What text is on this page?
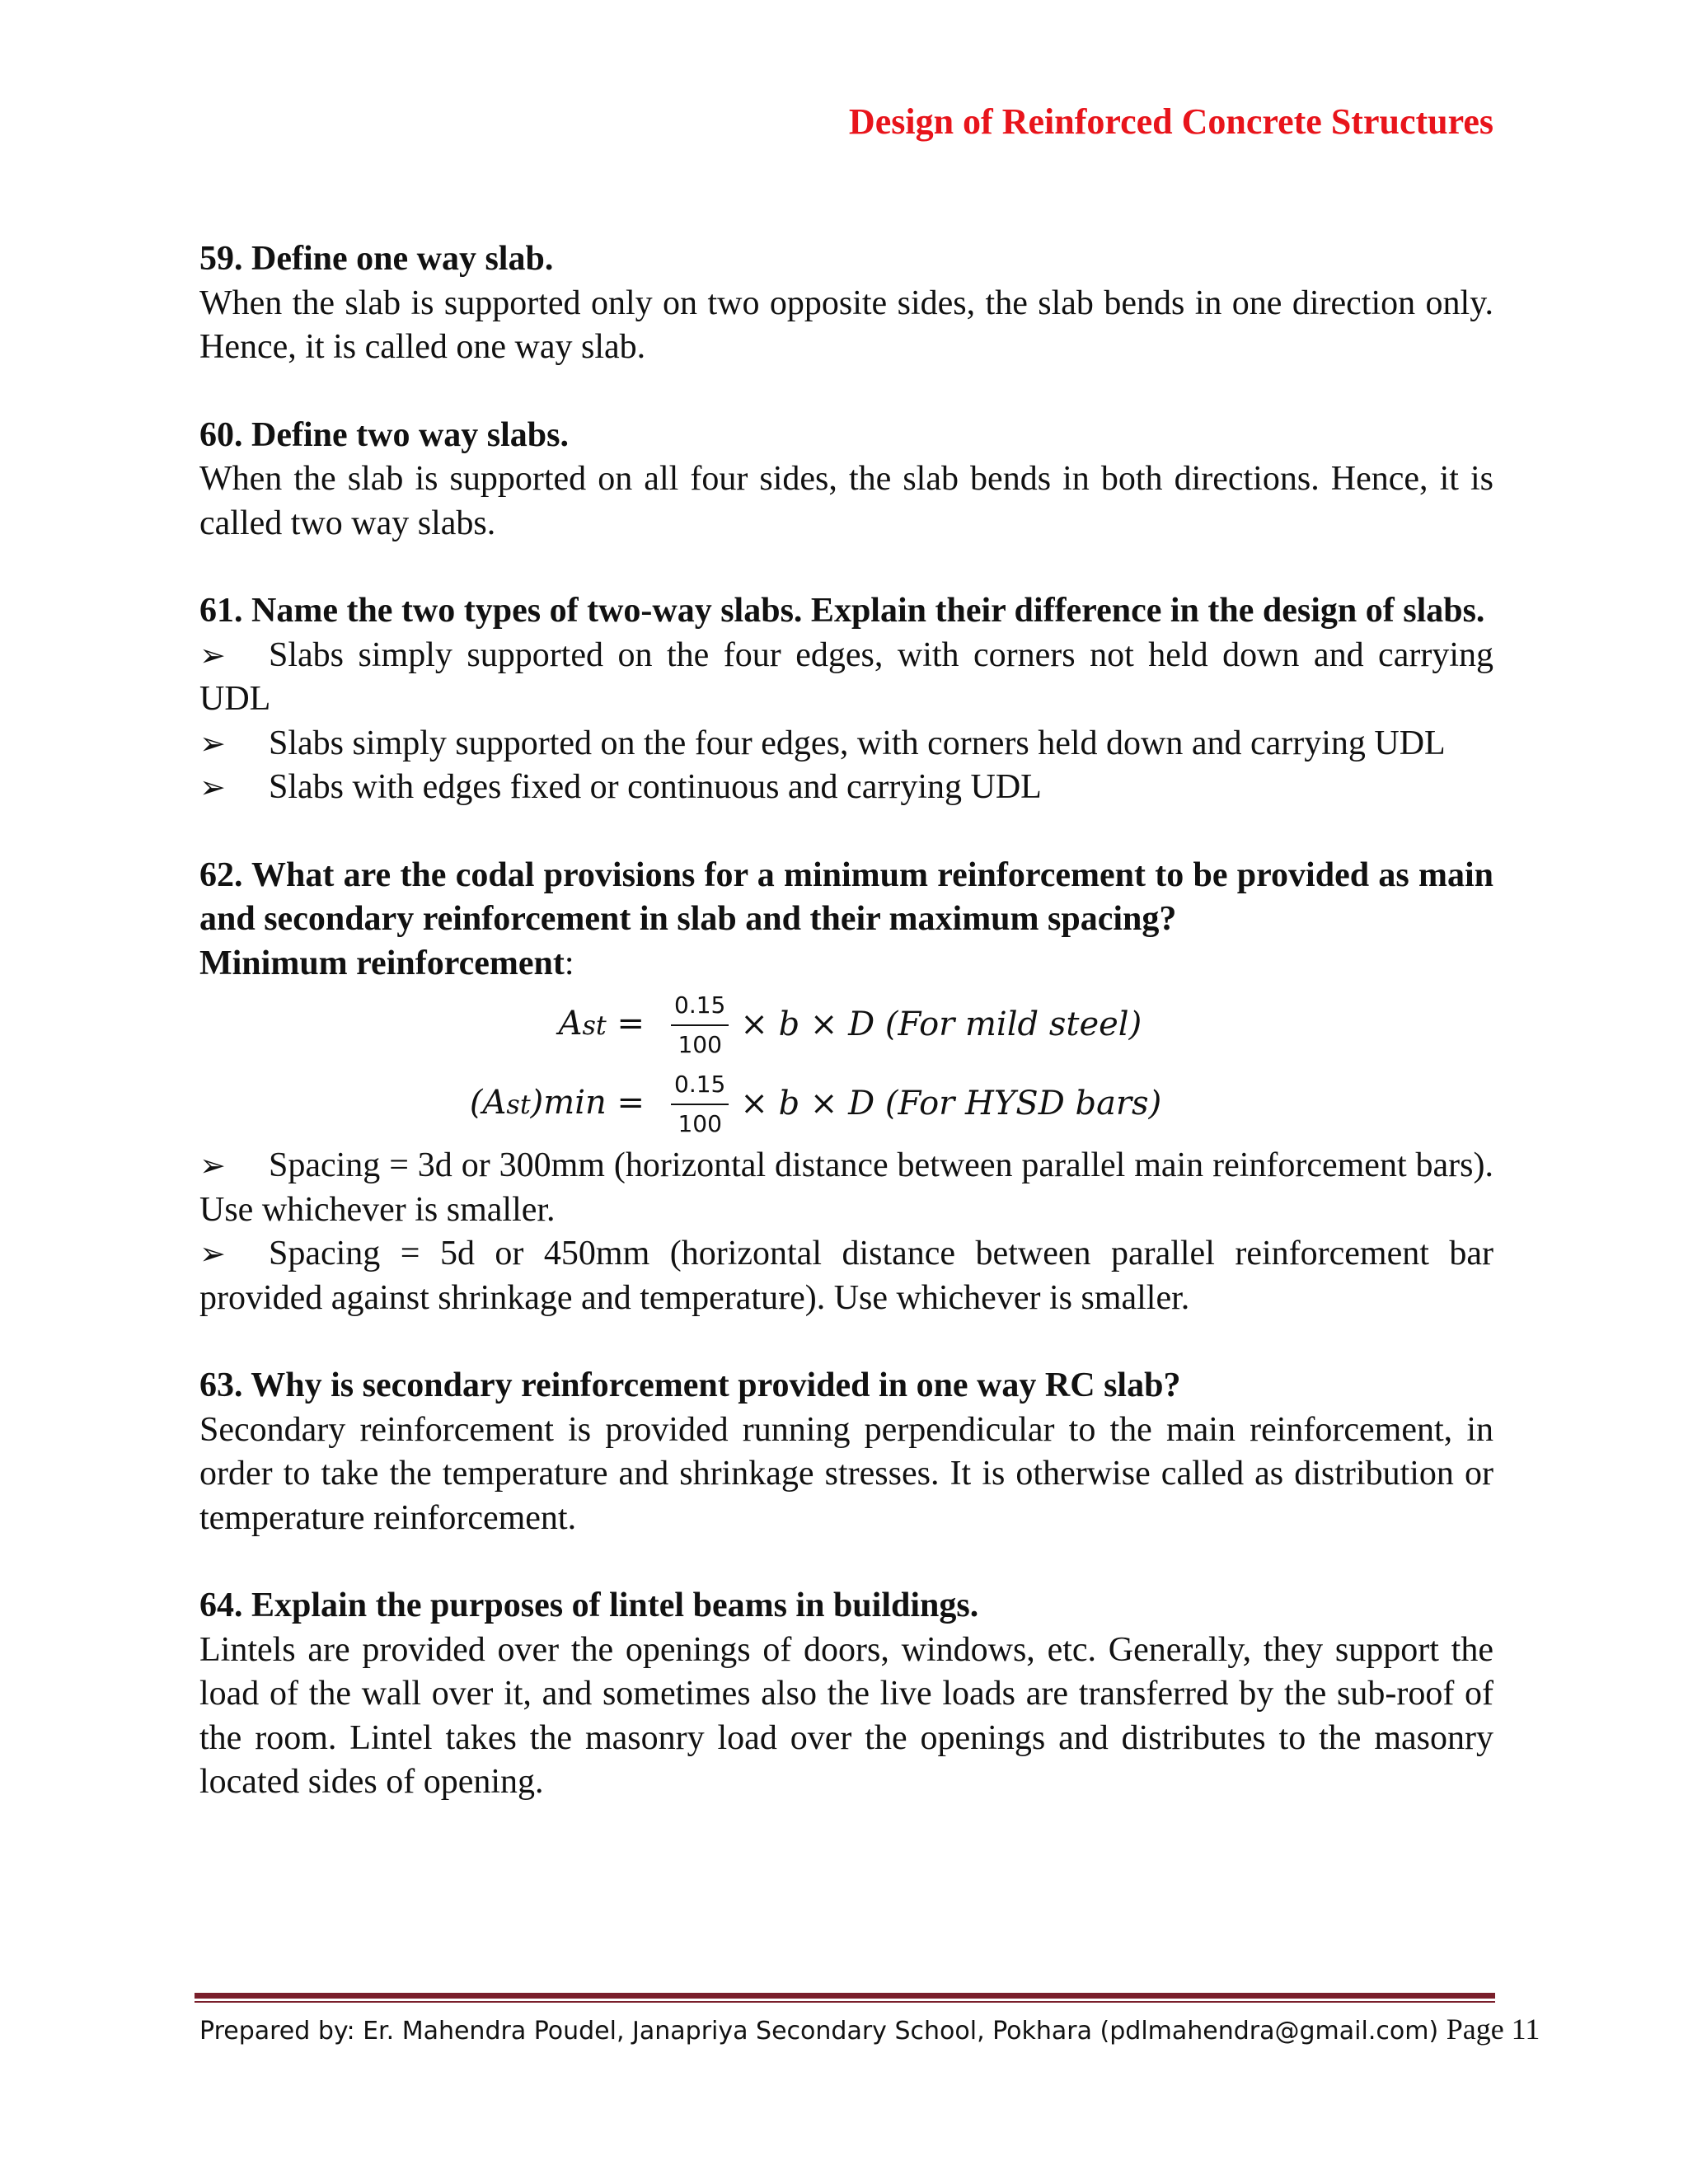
Design of Reinforced Concrete Structures
59. Define one way slab.
When the slab is supported only on two opposite sides, the slab bends in one direction only. Hence, it is called one way slab.
60. Define two way slabs.
When the slab is supported on all four sides, the slab bends in both directions. Hence, it is called two way slabs.
61. Name the two types of two-way slabs. Explain their difference in the design of slabs.
➢ Slabs simply supported on the four edges, with corners not held down and carrying UDL
➢ Slabs simply supported on the four edges, with corners held down and carrying UDL
➢ Slabs with edges fixed or continuous and carrying UDL
62. What are the codal provisions for a minimum reinforcement to be provided as main and secondary reinforcement in slab and their maximum spacing?
Minimum reinforcement:
Ast =	$\frac{0.15}{100} \times b \times D$ (For mild steel)
(Ast)min =	$\frac{0.15}{100} \times b \times D$ (For HYSD bars)
➢ Spacing = 3d or 300mm (horizontal distance between parallel main reinforcement bars). Use whichever is smaller.
➢ Spacing = 5d or 450mm (horizontal distance between parallel reinforcement bar provided against shrinkage and temperature). Use whichever is smaller.
63. Why is secondary reinforcement provided in one way RC slab?
Secondary reinforcement is provided running perpendicular to the main reinforcement, in order to take the temperature and shrinkage stresses. It is otherwise called as distribution or temperature reinforcement.
64. Explain the purposes of lintel beams in buildings.
Lintels are provided over the openings of doors, windows, etc. Generally, they support the load of the wall over it, and sometimes also the live loads are transferred by the sub-roof of the room. Lintel takes the masonry load over the openings and distributes to the masonry located sides of opening.
Prepared by: Er. Mahendra Poudel, Janapriya Secondary School, Pokhara (pdlmahendra@gmail.com) Page 11
